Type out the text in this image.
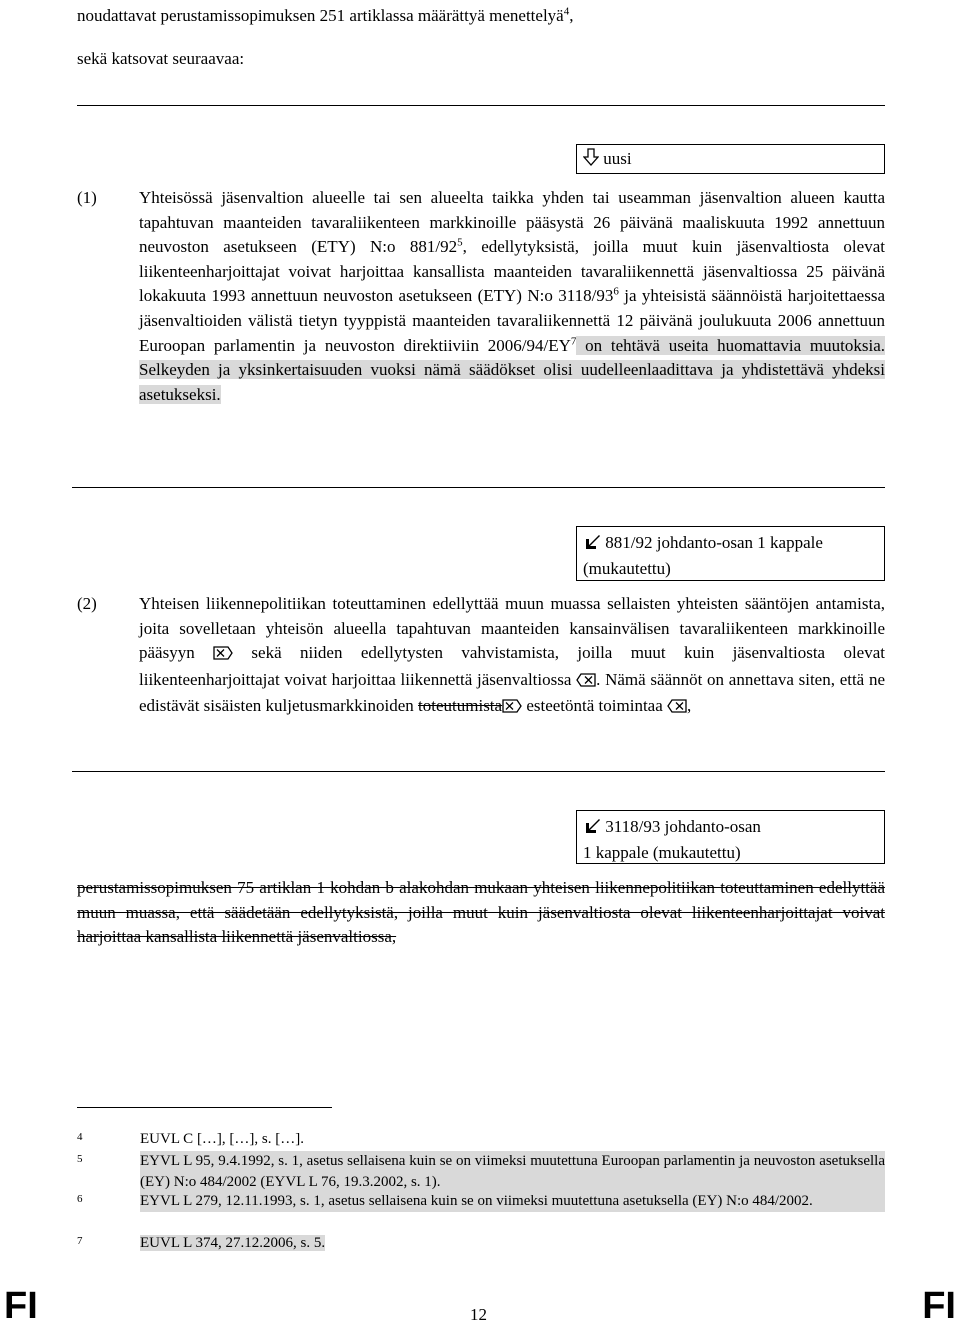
noudattavat perustamissopimuksen 251 artiklassa määrättyä menettelyä$^4$,
sekä katsovat seuraavaa:
uusi
(1) Yhteisössä jäsenvaltion alueelle tai sen alueelta taikka yhden tai useamman jäsenvaltion alueen kautta tapahtuvan maanteiden tavaraliikenteen markkinoille pääsystä 26 päivänä maaliskuuta 1992 annettuun neuvoston asetukseen (ETY) N:o $881/92^5$, edellytyksistä, joilla muut kuin jäsenvaltiosta olevat liikenteenharjoittajat voivat harjoittaa kansallista maanteiden tavaraliikennettä jäsenvaltiossa 25 päivänä lokakuuta 1993 annettuun neuvoston asetukseen (ETY) N:o $3118/93^6$ ja yhteisistä säännöistä harjoitettaessa jäsenvaltioiden välistä tietyn tyyppistä maanteiden tavaraliikennettä 12 päivänä joulukuuta 2006 annettuun Euroopan parlamentin ja neuvoston direktiiviin $2006/94/EY^7$ on tehtävä useita huomattavia muutoksia. Selkeyden ja yksinkertaisuuden vuoksi nämä säädökset olisi uudelleenlaadittava ja yhdistettävä yhdeksi asetukseksi.
881/92 johdanto-osan 1 kappale
(mukautettu)
(2) Yhteisen liikennepolitiikan toteuttaminen edellyttää muun muassa sellaisten yhteisten sääntöjen antamista, joita sovelletaan yhteisön alueella tapahtuvan maanteiden kansainvälisen tavaraliikenteen markkinoille pääsyyn  sekä niiden edellytysten vahvistamista, joilla muut kuin jäsenvaltiosta olevat liikenteenharjoittajat voivat harjoittaa liikennettä jäsenvaltiossa . Nämä säännöt on annettava siten, että ne edistävät sisäisten kuljetusmarkkinoiden toteutumista esteetöntä toimintaa ,
3118/93 johdanto-osan
1 kappale (mukautettu)
perustamissopimuksen 75 artiklan 1 kohdan b alakohdan mukaan yhteisen liikennepolitiikan toteuttaminen edellyttää muun muassa, että säädetään edellytyksistä, joilla muut kuin jäsenvaltiosta olevat liikenteenharjoittajat voivat harjoittaa kansallista liikennettä jäsenvaltiossa,
4	EUVL C […], […], s. […].
5	EYVL L 95, 9.4.1992, s. 1, asetus sellaisena kuin se on viimeksi muutettuna Euroopan parlamentin ja neuvoston asetuksella (EY) N:o 484/2002 (EYVL L 76, 19.3.2002, s. 1).
6	EYVL L 279, 12.11.1993, s. 1, asetus sellaisena kuin se on viimeksi muutettuna asetuksella (EY) N:o 484/2002.
7	EUVL L 374, 27.12.2006, s. 5.
FI	12	FI
